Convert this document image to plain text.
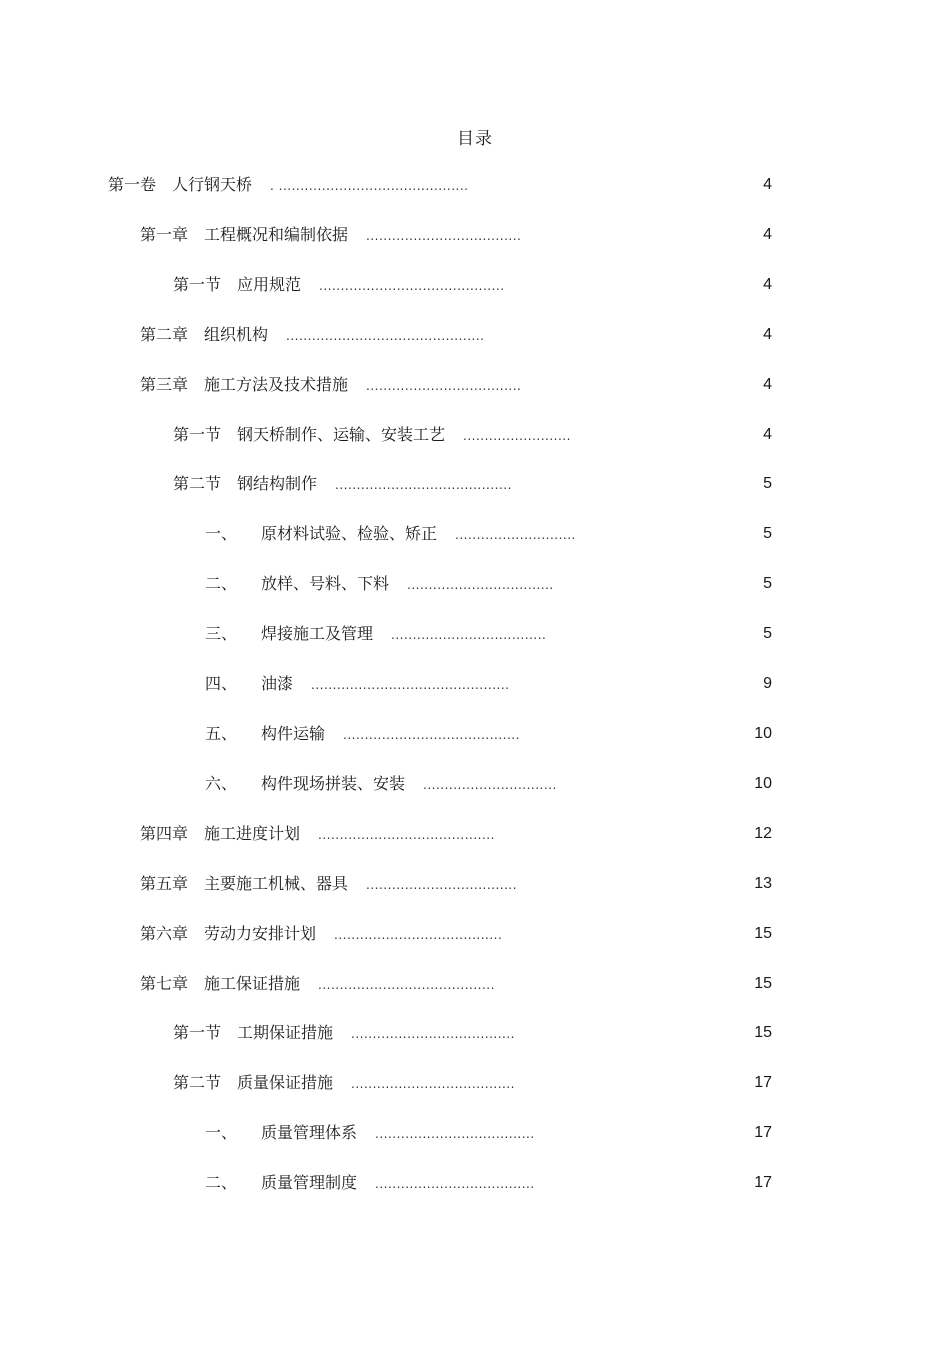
目录
第一卷 人行钢天桥 . ............................................	4
第一章 工程概况和编制依据 ....................................	4
第一节 应用规范 ...........................................	4
第二章 组织机构 ..............................................	4
第三章 施工方法及技术措施 ....................................	4
第一节 钢天桥制作、运输、安装工艺 .........................	4
第二节 钢结构制作 .........................................	5
一、 原材料试验、检验、矫正 ............................	5
二、 放样、号料、下料 ..................................	5
三、 焊接施工及管理 ....................................	5
四、 油漆 ..............................................	9
五、 构件运输 .........................................	10
六、 构件现场拼装、安装 ...............................	10
第四章 施工进度计划 .........................................	12
第五章 主要施工机械、器具 ...................................	13
第六章 劳动力安排计划 .......................................	15
第七章 施工保证措施 .........................................	15
第一节 工期保证措施 ......................................	15
第二节 质量保证措施 ......................................	17
一、 质量管理体系 .....................................	17
二、 质量管理制度 .....................................	17
